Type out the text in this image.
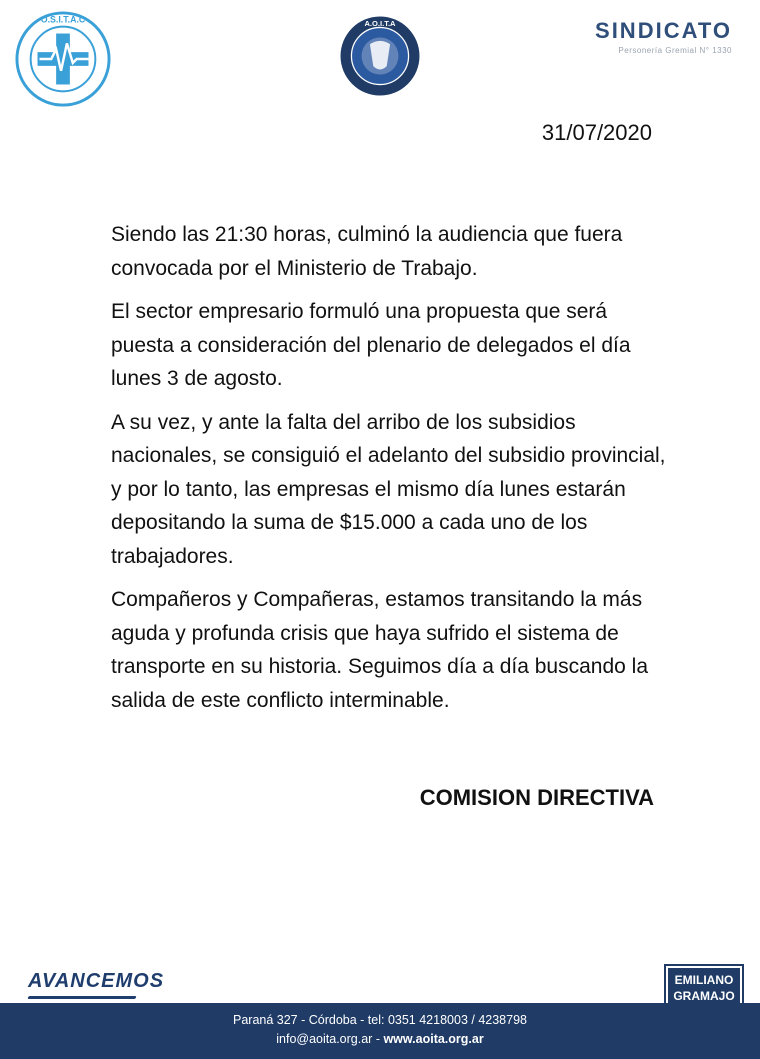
O.S.I.T.A.C	A.O.I.T.A	SINDICATO
Personería Gremial N° 1330
31/07/2020

Siendo las 21:30 horas, culminó la audiencia que fuera convocada por el Ministerio de Trabajo.

El sector empresario formuló una propuesta que será puesta a consideración del plenario de delegados el día lunes 3 de agosto.

A su vez, y ante la falta del arribo de los subsidios nacionales, se consiguió el adelanto del subsidio provincial, y por lo tanto, las empresas el mismo día lunes estarán depositando la suma de $15.000 a cada uno de los trabajadores.

Compañeros y Compañeras, estamos transitando la más aguda y profunda crisis que haya sufrido el sistema de transporte en su historia. Seguimos día a día buscando la salida de este conflicto interminable.

COMISION DIRECTIVA
AVANCEMOS	EMILIANO
GRAMAJO
Paraná 327 - Córdoba - tel: 0351 4218003 / 4238798
info@aoita.org.ar - www.aoita.org.ar
